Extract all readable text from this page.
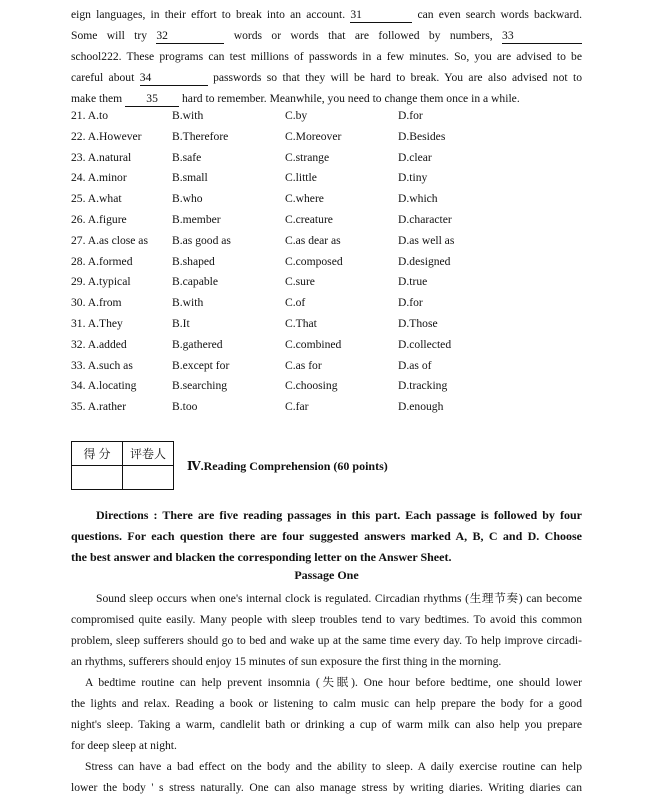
eign languages, in their effort to break into an account. 31	can even search words backward.
Some will try 32	words or words that are followed by numbers, 33
school222. These programs can test millions of passwords in a few minutes. So, you are advised to be
careful about 34	passwords so that they will be hard to break. You are also advised not to
make them 35 hard to remember. Meanwhile, you need to change them once in a while.
21. A.to	B.with	C.by	D.for
22. A.However	B.Therefore	C.Moreover	D.Besides
23. A.natural	B.safe	C.strange	D.clear
24. A.minor	B.small	C.little	D.tiny
25. A.what	B.who	C.where	D.which
26. A.figure	B.member	C.creature	D.character
27. A.as close as B.as good as	C.as dear as	D.as well as
28. A.formed	B.shaped	C.composed	D.designed
29. A.typical	B.capable	C.sure	D.true
30. A.from	B.with	C.of	D.for
31. A.They	B.It	C.That	D.Those
32. A.added	B.gathered	C.combined	D.collected
33. A.such as	B.except for	C.as for	D.as of
34. A.locating	B.searching	C.choosing	D.tracking
35. A.rather	B.too	C.far	D.enough
得 分	评卷人

Ⅳ.Reading Comprehension (60 points)
Directions : There are five reading passages in this part. Each passage is followed by four
questions. For each question there are four suggested answers marked A, B, C and D. Choose
the best answer and blacken the corresponding letter on the Answer Sheet.
Passage One
Sound sleep occurs when one's internal clock is regulated. Circadian rhythms (生理节奏) can become
compromised quite easily. Many people with sleep troubles tend to vary bedtimes. To avoid this common
problem, sleep sufferers should go to bed and wake up at the same time every day. To help improve circadi-
an rhythms, sufferers should enjoy 15 minutes of sun exposure the first thing in the morning.
A bedtime routine can help prevent insomnia (失眠). One hour before bedtime, one should lower
the lights and relax. Reading a book or listening to calm music can help prepare the body for a good
night's sleep. Taking a warm, candlelit bath or drinking a cup of warm milk can also help you prepare
for deep sleep at night.
Stress can have a bad effect on the body and the ability to sleep. A daily exercise routine can help
lower the body ' s stress naturally. One can also manage stress by writing diaries. Writing diaries can
